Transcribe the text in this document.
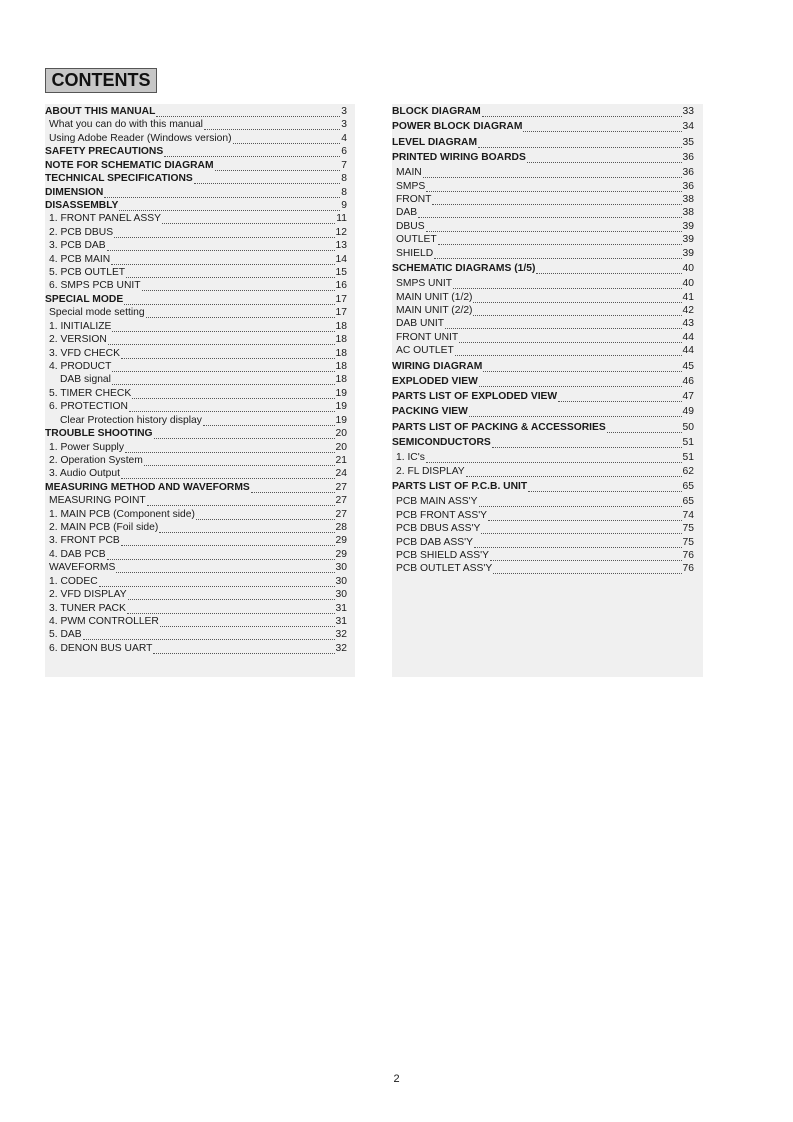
CONTENTS
ABOUT THIS MANUAL	3
What you can do with this manual	3
Using Adobe Reader (Windows version)	4
SAFETY PRECAUTIONS	6
NOTE FOR SCHEMATIC DIAGRAM	7
TECHNICAL SPECIFICATIONS	8
DIMENSION	8
DISASSEMBLY	9
1. FRONT PANEL ASSY	11
2. PCB DBUS	12
3. PCB DAB	13
4. PCB MAIN	14
5. PCB OUTLET	15
6. SMPS PCB UNIT	16
SPECIAL MODE	17
Special mode setting	17
1. INITIALIZE	18
2. VERSION	18
3. VFD CHECK	18
4. PRODUCT	18
DAB signal	18
5. TIMER CHECK	19
6. PROTECTION	19
Clear Protection history display	19
TROUBLE SHOOTING	20
1. Power Supply	20
2. Operation System	21
3. Audio Output	24
MEASURING METHOD AND WAVEFORMS	27
MEASURING POINT	27
1. MAIN PCB (Component side)	27
2. MAIN PCB (Foil side)	28
3. FRONT PCB	29
4. DAB PCB	29
WAVEFORMS	30
1. CODEC	30
2. VFD DISPLAY	30
3. TUNER PACK	31
4. PWM CONTROLLER	31
5. DAB	32
6. DENON BUS UART	32
BLOCK DIAGRAM	33
POWER BLOCK DIAGRAM	34
LEVEL DIAGRAM	35
PRINTED WIRING BOARDS	36
MAIN	36
SMPS	36
FRONT	38
DAB	38
DBUS	39
OUTLET	39
SHIELD	39
SCHEMATIC DIAGRAMS (1/5)	40
SMPS UNIT	40
MAIN UNIT (1/2)	41
MAIN UNIT (2/2)	42
DAB UNIT	43
FRONT UNIT	44
AC OUTLET	44
WIRING DIAGRAM	45
EXPLODED VIEW	46
PARTS LIST OF EXPLODED VIEW	47
PACKING VIEW	49
PARTS LIST OF PACKING & ACCESSORIES	50
SEMICONDUCTORS	51
1. IC's	51
2. FL DISPLAY	62
PARTS LIST OF P.C.B. UNIT	65
PCB MAIN ASS'Y	65
PCB FRONT ASS'Y	74
PCB DBUS ASS'Y	75
PCB DAB ASS'Y	75
PCB SHIELD ASS'Y	76
PCB OUTLET ASS'Y	76
2
